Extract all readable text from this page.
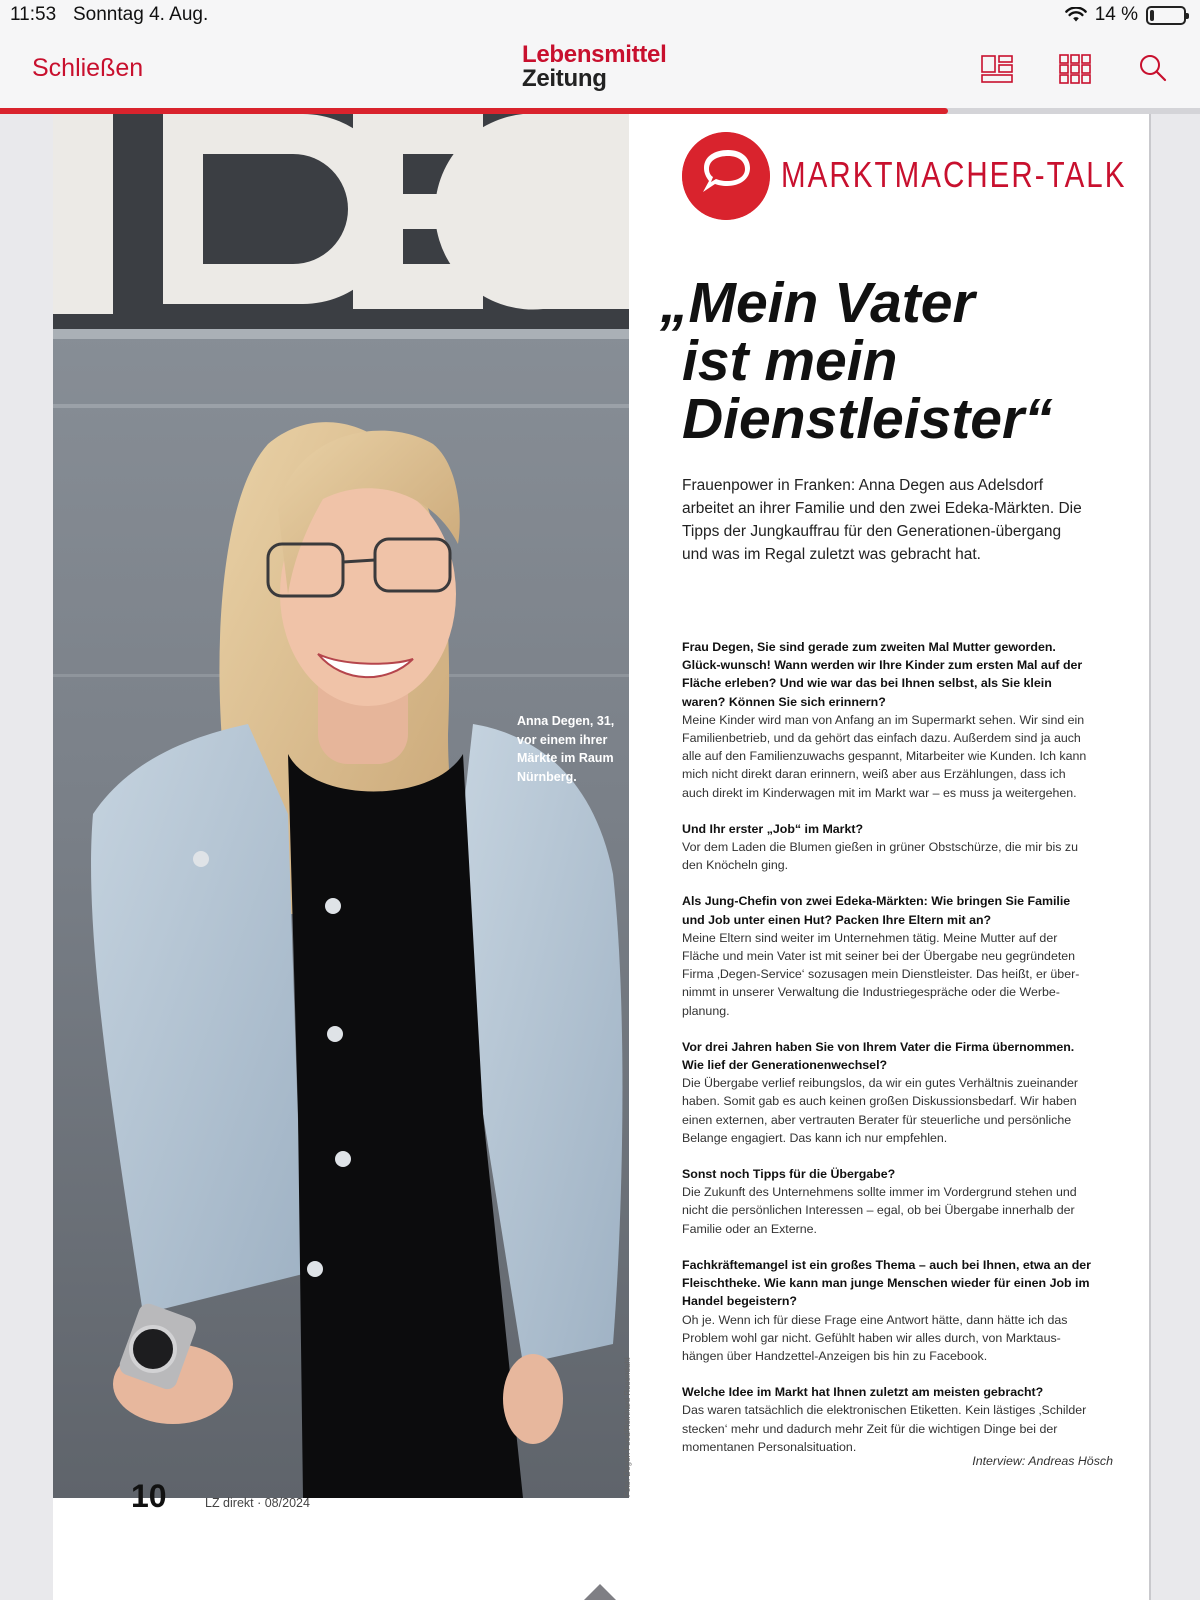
11:53 Sonntag 4. Aug.	14 %
Schließen	Lebensmittel
Zeitung
Anna Degen, 31, vor einem ihrer Märkte im Raum Nürnberg.
Foto: Degen Food/Reinhard Rosendahl
MARKTMACHER-TALK
„Mein Vater
ist mein
Dienstleister“

Frauenpower in Franken: Anna Degen aus Adelsdorf arbeitet an ihrer Familie und den zwei Edeka-Märkten. Die Tipps der Jungkauffrau für den Generationen-übergang und was im Regal zuletzt was gebracht hat.

Frau Degen, Sie sind gerade zum zweiten Mal Mutter geworden. Glück-wunsch! Wann werden wir Ihre Kinder zum ersten Mal auf der Fläche erleben? Und wie war das bei Ihnen selbst, als Sie klein waren? Können Sie sich erinnern?
Meine Kinder wird man von Anfang an im Supermarkt sehen. Wir sind ein Familienbetrieb, und da gehört das einfach dazu. Außerdem sind ja auch alle auf den Familienzuwachs gespannt, Mitarbeiter wie Kunden. Ich kann mich nicht direkt daran erinnern, weiß aber aus Erzählungen, dass ich auch direkt im Kinderwagen mit im Markt war – es muss ja weitergehen.
Und Ihr erster „Job“ im Markt?
Vor dem Laden die Blumen gießen in grüner Obstschürze, die mir bis zu den Knöcheln ging.
Als Jung-Chefin von zwei Edeka-Märkten: Wie bringen Sie Familie und Job unter einen Hut? Packen Ihre Eltern mit an?
Meine Eltern sind weiter im Unternehmen tätig. Meine Mutter auf der Fläche und mein Vater ist mit seiner bei der Übergabe neu gegründeten Firma ‚Degen-Service‘ sozusagen mein Dienstleister. Das heißt, er über-nimmt in unserer Verwaltung die Industriegespräche oder die Werbe-planung.
Vor drei Jahren haben Sie von Ihrem Vater die Firma übernommen. Wie lief der Generationenwechsel?
Die Übergabe verlief reibungslos, da wir ein gutes Verhältnis zueinander haben. Somit gab es auch keinen großen Diskussionsbedarf. Wir haben einen externen, aber vertrauten Berater für steuerliche und persönliche Belange engagiert. Das kann ich nur empfehlen.
Sonst noch Tipps für die Übergabe?
Die Zukunft des Unternehmens sollte immer im Vordergrund stehen und nicht die persönlichen Interessen – egal, ob bei Übergabe innerhalb der Familie oder an Externe.
Fachkräftemangel ist ein großes Thema – auch bei Ihnen, etwa an der Fleischtheke. Wie kann man junge Menschen wieder für einen Job im Handel begeistern?
Oh je. Wenn ich für diese Frage eine Antwort hätte, dann hätte ich das Problem wohl gar nicht. Gefühlt haben wir alles durch, von Marktaus-hängen über Handzettel-Anzeigen bis hin zu Facebook.
Welche Idee im Markt hat Ihnen zuletzt am meisten gebracht?
Das waren tatsächlich die elektronischen Etiketten. Kein lästiges ‚Schilder stecken‘ mehr und dadurch mehr Zeit für die wichtigen Dinge bei der momentanen Personalsituation.
Interview: Andreas Hösch
10	LZ direkt · 08/2024
